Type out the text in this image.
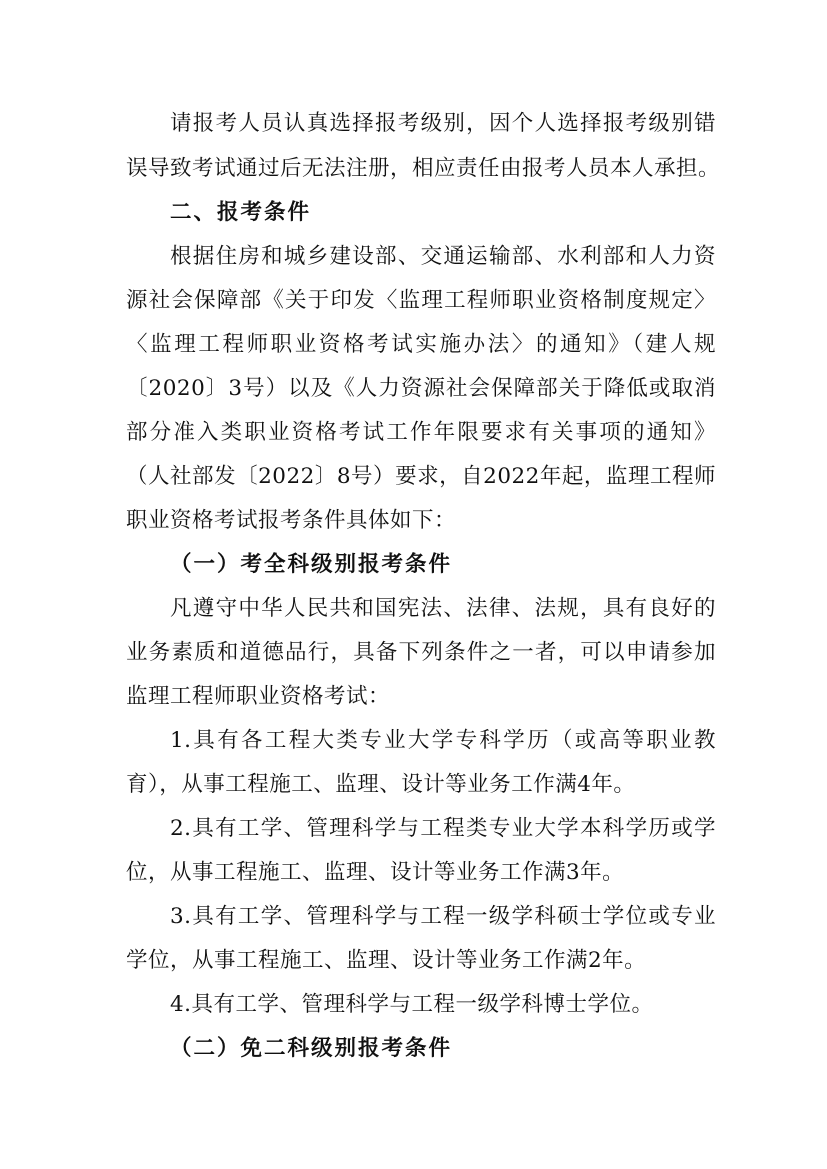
请报考人员认真选择报考级别，因个人选择报考级别错
误导致考试通过后无法注册，相应责任由报考人员本人承担。
二、报考条件
根据住房和城乡建设部、交通运输部、水利部和人力资
源社会保障部《关于印发〈监理工程师职业资格制度规定〉
〈监理工程师职业资格考试实施办法〉的通知》（建人规
〔2020〕3号）以及《人力资源社会保障部关于降低或取消
部分准入类职业资格考试工作年限要求有关事项的通知》
（人社部发〔2022〕8号）要求，自2022年起，监理工程师
职业资格考试报考条件具体如下：
（一）考全科级别报考条件
凡遵守中华人民共和国宪法、法律、法规，具有良好的
业务素质和道德品行，具备下列条件之一者，可以申请参加
监理工程师职业资格考试：
1.具有各工程大类专业大学专科学历（或高等职业教
育），从事工程施工、监理、设计等业务工作满4年。
2.具有工学、管理科学与工程类专业大学本科学历或学
位，从事工程施工、监理、设计等业务工作满3年。
3.具有工学、管理科学与工程一级学科硕士学位或专业
学位，从事工程施工、监理、设计等业务工作满2年。
4.具有工学、管理科学与工程一级学科博士学位。
（二）免二科级别报考条件
